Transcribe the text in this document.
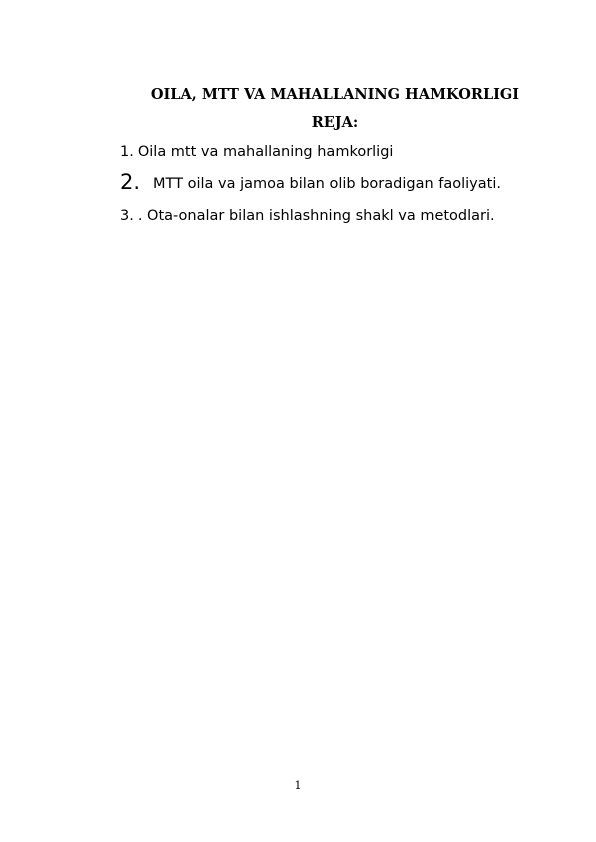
OILA, MTT VA MAHALLANING HAMKORLIGI
REJA:

1. Oila mtt va mahallaning hamkorligi

2. MTT oila va jamoa bilan olib boradigan faoliyati.

3. . Ota-onalar bilan ishlashning shakl va metodlari.

1
